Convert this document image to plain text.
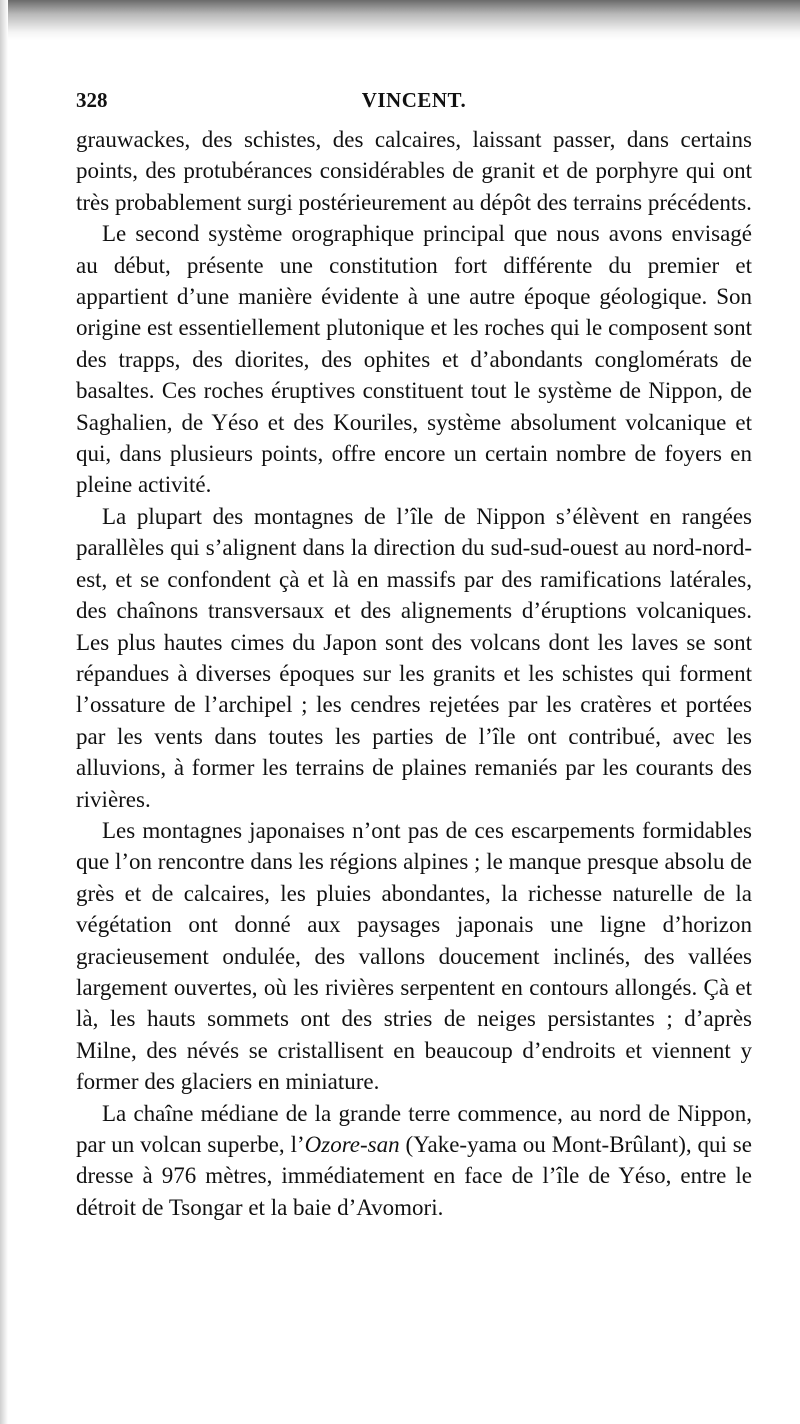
328	VINCENT.

grauwackes, des schistes, des calcaires, laissant passer, dans certains points, des protubérances considérables de granit et de porphyre qui ont très probablement surgi postérieurement au dépôt des terrains précédents.

Le second système orographique principal que nous avons envisagé au début, présente une constitution fort différente du premier et appartient d’une manière évidente à une autre époque géologique. Son origine est essentiellement plutonique et les roches qui le composent sont des trapps, des diorites, des ophites et d’abondants conglomérats de basaltes. Ces roches éruptives constituent tout le système de Nippon, de Saghalien, de Yéso et des Kouriles, système absolument volcanique et qui, dans plusieurs points, offre encore un certain nombre de foyers en pleine activité.

La plupart des montagnes de l’île de Nippon s’élèvent en rangées parallèles qui s’alignent dans la direction du sud-sud-ouest au nord-nord-est, et se confondent çà et là en massifs par des ramifications latérales, des chaînons transversaux et des alignements d’éruptions volcaniques. Les plus hautes cimes du Japon sont des volcans dont les laves se sont répandues à diverses époques sur les granits et les schistes qui forment l’ossature de l’archipel ; les cendres rejetées par les cratères et portées par les vents dans toutes les parties de l’île ont contribué, avec les alluvions, à former les terrains de plaines remaniés par les courants des rivières.

Les montagnes japonaises n’ont pas de ces escarpements formidables que l’on rencontre dans les régions alpines ; le manque presque absolu de grès et de calcaires, les pluies abondantes, la richesse naturelle de la végétation ont donné aux paysages japonais une ligne d’horizon gracieusement ondulée, des vallons doucement inclinés, des vallées largement ouvertes, où les rivières serpentent en contours allongés. Çà et là, les hauts sommets ont des stries de neiges persistantes ; d’après Milne, des névés se cristallisent en beaucoup d’endroits et viennent y former des glaciers en miniature.

La chaîne médiane de la grande terre commence, au nord de Nippon, par un volcan superbe, l’Ozore-san (Yake-yama ou Mont-Brûlant), qui se dresse à 976 mètres, immédiatement en face de l’île de Yéso, entre le détroit de Tsongar et la baie d’Avomori.
